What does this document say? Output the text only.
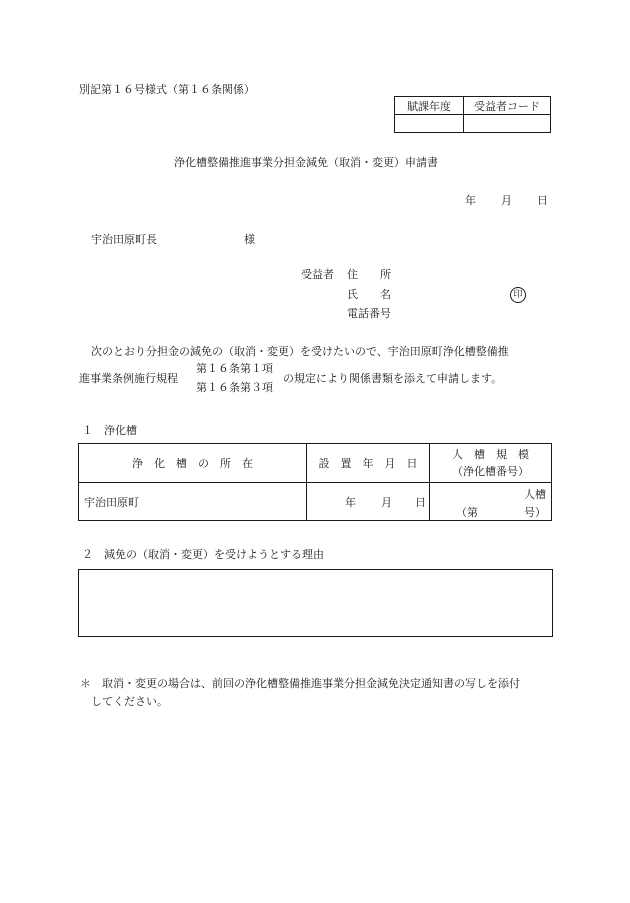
別記第１６号様式（第１６条関係）
賦課年度	受益者コード

浄化槽整備推進事業分担金減免（取消・変更）申請書
年 月 日
宇治田原町長	様
受益者 住　　所
氏　　名	印
電話番号
次のとおり分担金の減免の（取消・変更）を受けたいので、宇治田原町浄化槽整備推
進事業条例施行規程
第１６条第１項
第１６条第３項
の規定により関係書類を添えて申請します。
１　浄化槽
浄　化　槽　の　所　在	設　置　年　月　日	人　槽　規　模
（浄化槽番号）

宇治田原町	年 月 日	人槽
（第 号）
２　減免の（取消・変更）を受けようとする理由
＊　取消・変更の場合は、前回の浄化槽整備推進事業分担金減免決定通知書の写しを添付
してください。
